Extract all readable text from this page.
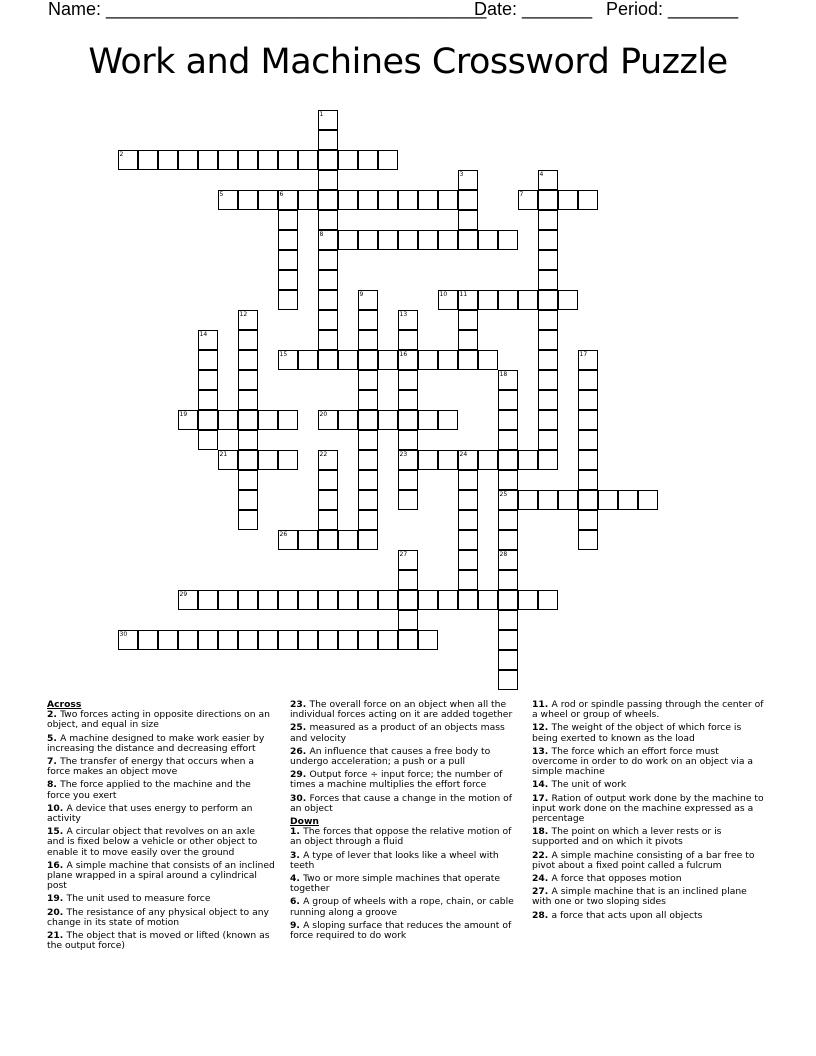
Name: ______________________________________
Date: _______ Period: _______
Work and Machines Crossword Puzzle
1
8
2
3	4
5	6	7
9	10 11
12	13
16
23
14
15	17
18
25
28
19	20
21	22	24
26
27
29
30

Across

2. Two forces acting in opposite directions on an object, and equal in size

5. A machine designed to make work easier by increasing the distance and decreasing effort

7. The transfer of energy that occurs when a force makes an object move

8. The force applied to the machine and the force you exert

10. A device that uses energy to perform an activity

15. A circular object that revolves on an axle and is fixed below a vehicle or other object to enable it to move easily over the ground

16. A simple machine that consists of an inclined plane wrapped in a spiral around a cylindrical post

19. The unit used to measure force

20. The resistance of any physical object to any change in its state of motion

21. The object that is moved or lifted (known as the output force)

23. The overall force on an object when all the individual forces acting on it are added together

25. measured as a product of an objects mass and velocity

26. An influence that causes a free body to undergo acceleration; a push or a pull

29. Output force ÷ input force; the number of times a machine multiplies the effort force

30. Forces that cause a change in the motion of an object

Down

1. The forces that oppose the relative motion of an object through a fluid

3. A type of lever that looks like a wheel with teeth

4. Two or more simple machines that operate together

6. A group of wheels with a rope, chain, or cable running along a groove

9. A sloping surface that reduces the amount of force required to do work

11. A rod or spindle passing through the center of a wheel or group of wheels.

12. The weight of the object of which force is being exerted to known as the load

13. The force which an effort force must overcome in order to do work on an object via a simple machine

14. The unit of work

17. Ration of output work done by the machine to input work done on the machine expressed as a percentage

18. The point on which a lever rests or is supported and on which it pivots

22. A simple machine consisting of a bar free to pivot about a fixed point called a fulcrum

24. A force that opposes motion

27. A simple machine that is an inclined plane with one or two sloping sides

28. a force that acts upon all objects
